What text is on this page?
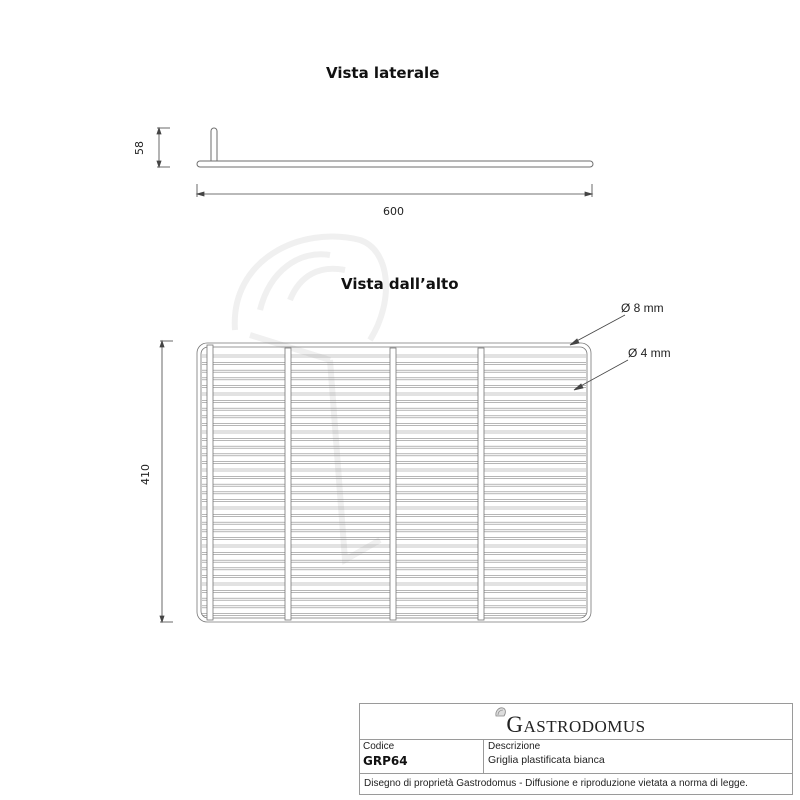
Vista laterale
58
600
Vista dall’alto
410
Ø 8 mm
Ø 4 mm
GASTRODOMUS
Codice
GRP64
Descrizione
Griglia plastificata bianca
Disegno di proprietà Gastrodomus - Diffusione e riproduzione vietata a norma di legge.
